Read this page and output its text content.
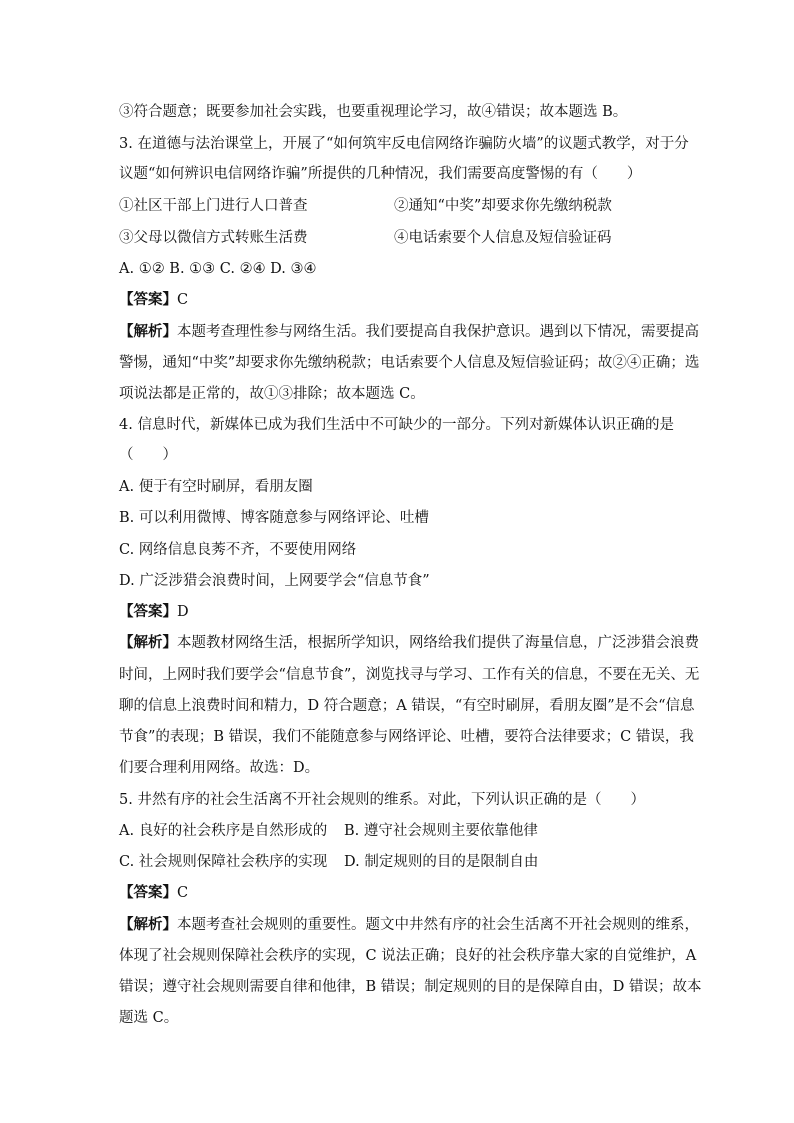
③符合题意；既要参加社会实践，也要重视理论学习，故④错误；故本题选 B。
3. 在道德与法治课堂上，开展了“如何筑牢反电信网络诈骗防火墙”的议题式教学，对于分
议题“如何辨识电信网络诈骗”所提供的几种情况，我们需要高度警惕的有（　　）
①社区干部上门进行人口普查	②通知“中奖”却要求你先缴纳税款
③父母以微信方式转账生活费	④电话索要个人信息及短信验证码
A. ①② B. ①③ C. ②④ D. ③④
【答案】C
【解析】本题考查理性参与网络生活。我们要提高自我保护意识。遇到以下情况，需要提高
警惕，通知“中奖”却要求你先缴纳税款；电话索要个人信息及短信验证码；故②④正确；选
项说法都是正常的，故①③排除；故本题选 C。
4. 信息时代，新媒体已成为我们生活中不可缺少的一部分。下列对新媒体认识正确的是
（　　）
A. 便于有空时刷屏，看朋友圈
B. 可以利用微博、博客随意参与网络评论、吐槽
C. 网络信息良莠不齐，不要使用网络
D. 广泛涉猎会浪费时间，上网要学会“信息节食”
【答案】D
【解析】本题教材网络生活，根据所学知识，网络给我们提供了海量信息，广泛涉猎会浪费
时间，上网时我们要学会“信息节食”，浏览找寻与学习、工作有关的信息，不要在无关、无
聊的信息上浪费时间和精力，D 符合题意；A 错误，“有空时刷屏，看朋友圈”是不会“信息
节食”的表现；B 错误，我们不能随意参与网络评论、吐槽，要符合法律要求；C 错误，我
们要合理利用网络。故选：D。
5. 井然有序的社会生活离不开社会规则的维系。对此，下列认识正确的是（　　）
A. 良好的社会秩序是自然形成的 B. 遵守社会规则主要依靠他律
C. 社会规则保障社会秩序的实现 D. 制定规则的目的是限制自由
【答案】C
【解析】本题考查社会规则的重要性。题文中井然有序的社会生活离不开社会规则的维系，
体现了社会规则保障社会秩序的实现，C 说法正确；良好的社会秩序靠大家的自觉维护，A
错误；遵守社会规则需要自律和他律，B 错误；制定规则的目的是保障自由，D 错误；故本
题选 C。
